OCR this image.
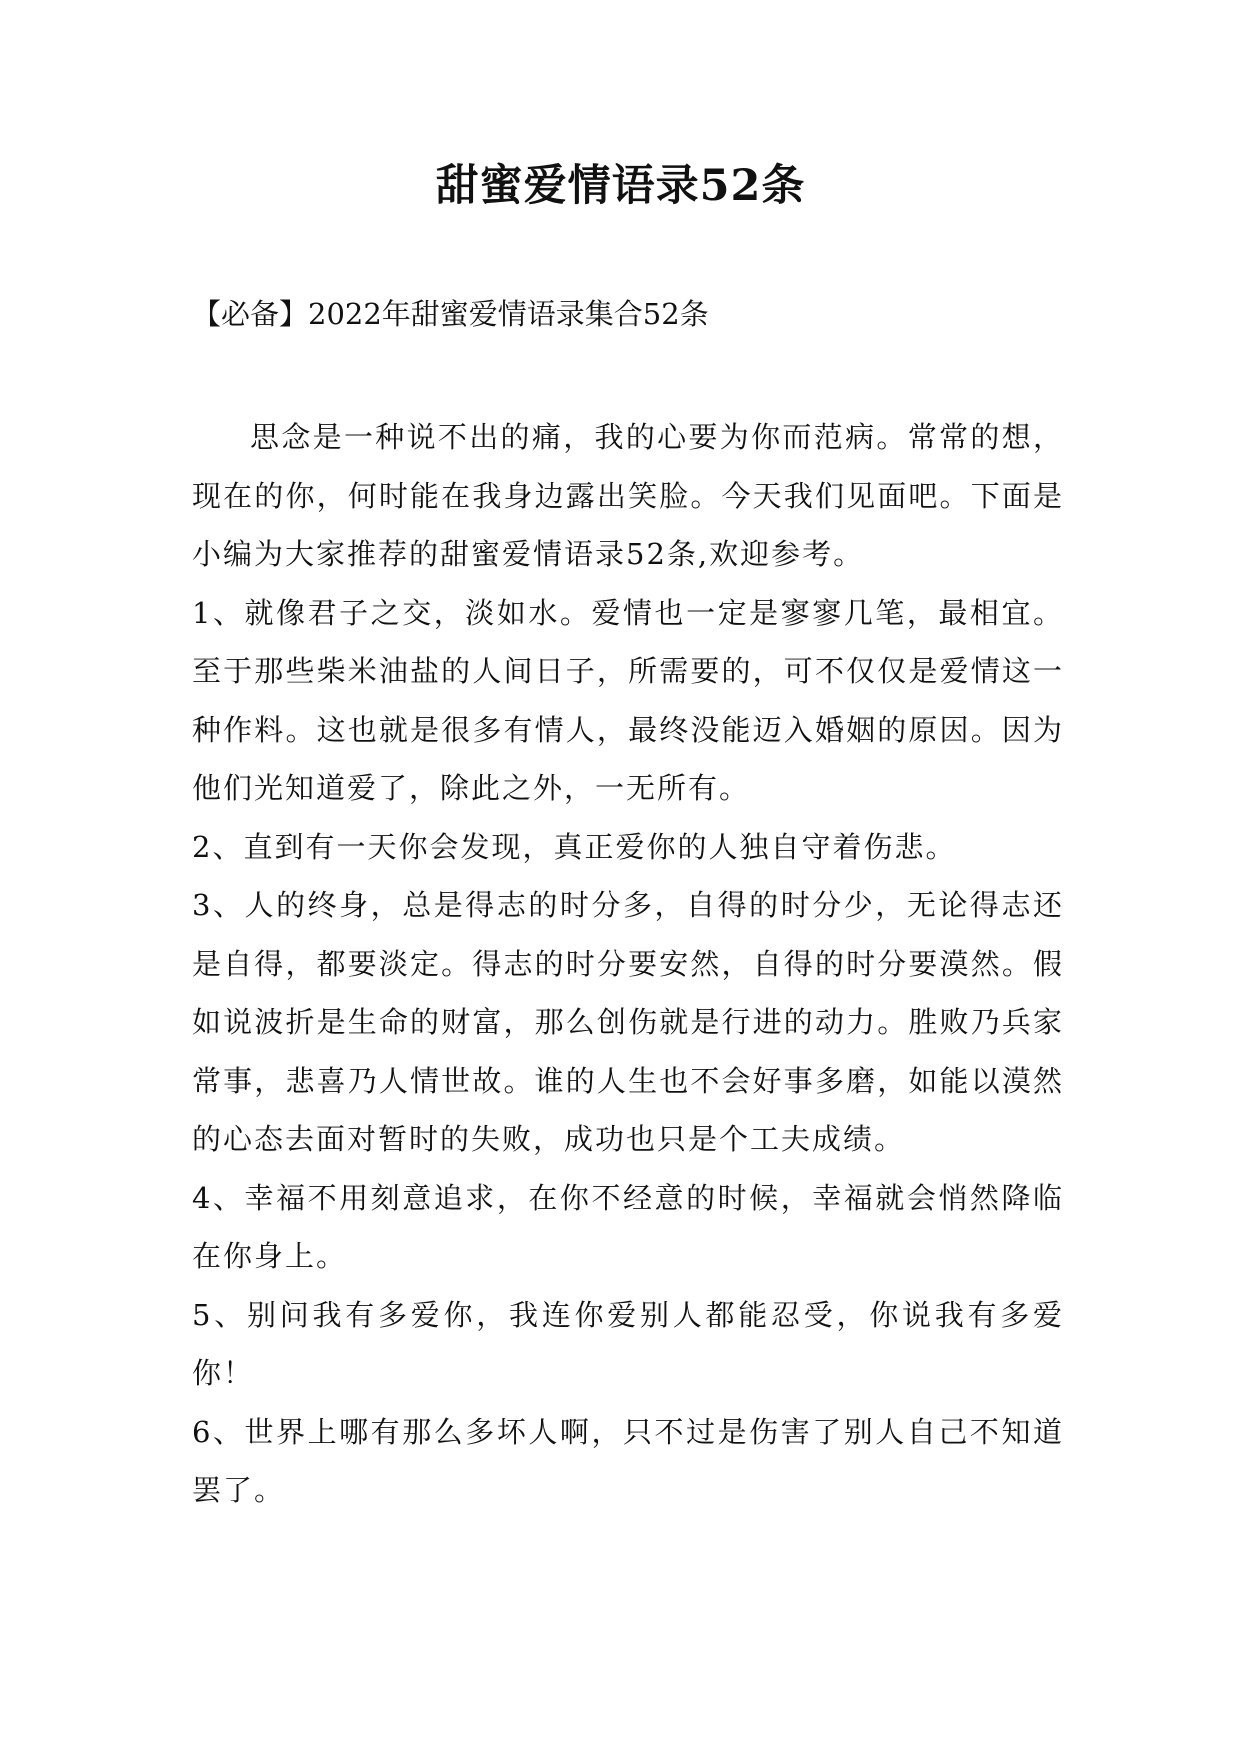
甜蜜爱情语录52条

【必备】2022年甜蜜爱情语录集合52条

思念是一种说不出的痛，我的心要为你而范病。常常的想，现在的你，何时能在我身边露出笑脸。今天我们见面吧。下面是小编为大家推荐的甜蜜爱情语录52条,欢迎参考。

1、就像君子之交，淡如水。爱情也一定是寥寥几笔，最相宜。至于那些柴米油盐的人间日子，所需要的，可不仅仅是爱情这一种作料。这也就是很多有情人，最终没能迈入婚姻的原因。因为他们光知道爱了，除此之外，一无所有。

2、直到有一天你会发现，真正爱你的人独自守着伤悲。

3、人的终身，总是得志的时分多，自得的时分少，无论得志还是自得，都要淡定。得志的时分要安然，自得的时分要漠然。假如说波折是生命的财富，那么创伤就是行进的动力。胜败乃兵家常事，悲喜乃人情世故。谁的人生也不会好事多磨，如能以漠然的心态去面对暂时的失败，成功也只是个工夫成绩。

4、幸福不用刻意追求，在你不经意的时候，幸福就会悄然降临在你身上。

5、别问我有多爱你，我连你爱别人都能忍受，你说我有多爱你！

6、世界上哪有那么多坏人啊，只不过是伤害了别人自己不知道罢了。
